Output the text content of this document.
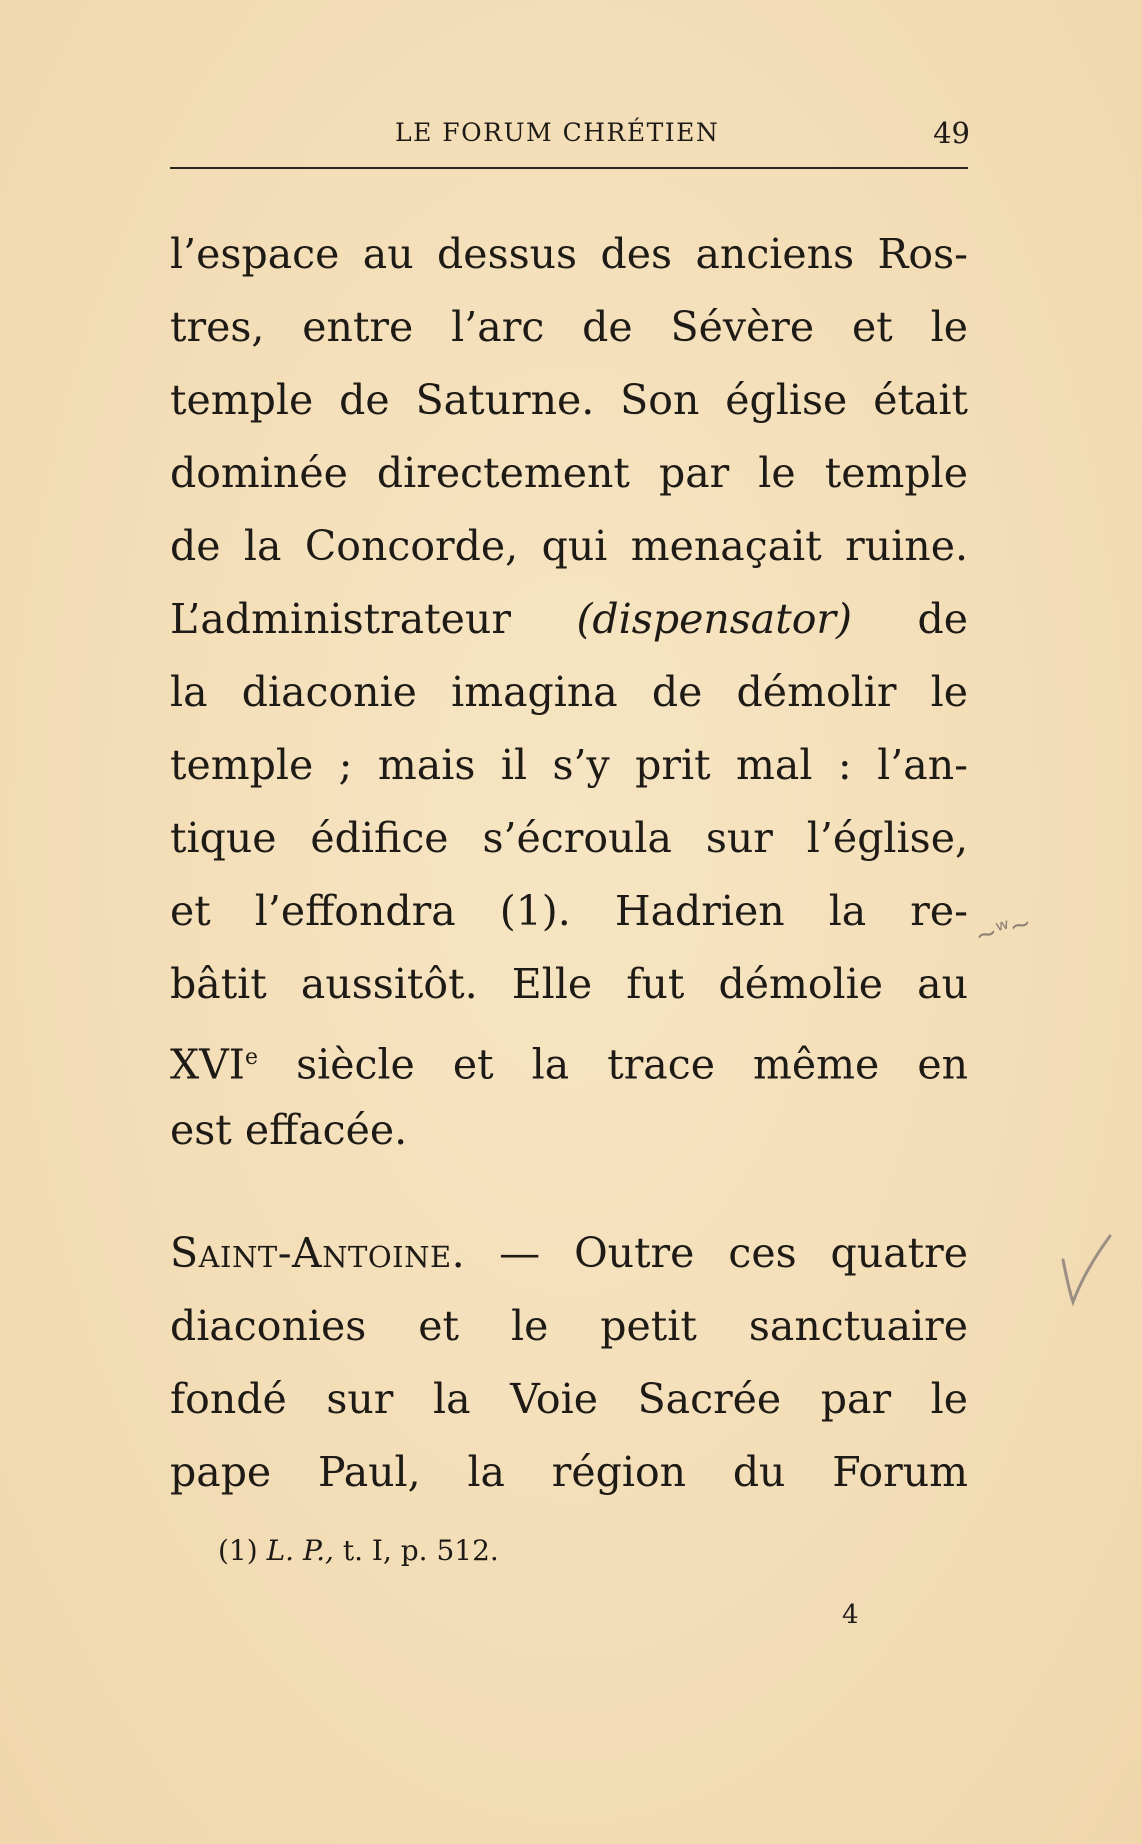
LE FORUM CHRÉTIEN	49
l’espace au dessus des anciens Ros-
tres, entre l’arc de Sévère et le
temple de Saturne. Son église était
dominée directement par le temple
de la Concorde, qui menaçait ruine.
L’administrateur (dispensator) de
la diaconie imagina de démolir le
temple ; mais il s’y prit mal : l’an-
tique édifice s’écroula sur l’église,
et l’effondra (1). Hadrien la re-
bâtit aussitôt. Elle fut démolie au
XVIe siècle et la trace même en
est effacée.
Saint-Antoine. — Outre ces quatre
diaconies et le petit sanctuaire
fondé sur la Voie Sacrée par le
pape Paul, la région du Forum
(1) L. P., t. I, p. 512.
4
~ʷ~
